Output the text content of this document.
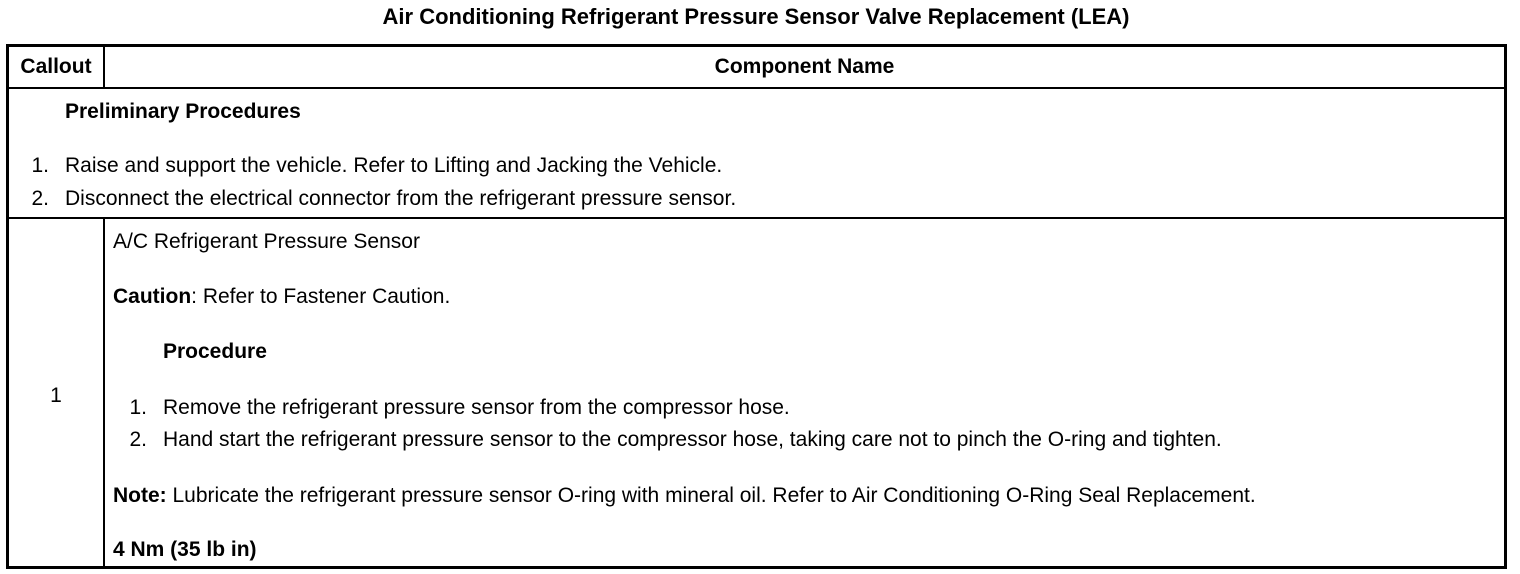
Air Conditioning Refrigerant Pressure Sensor Valve Replacement (LEA)
Callout	Component Name
Preliminary Procedures
1. Raise and support the vehicle. Refer to Lifting and Jacking the Vehicle.
2. Disconnect the electrical connector from the refrigerant pressure sensor.
1
A/C Refrigerant Pressure Sensor
Caution: Refer to Fastener Caution.
Procedure
1. Remove the refrigerant pressure sensor from the compressor hose.
2. Hand start the refrigerant pressure sensor to the compressor hose, taking care not to pinch the O-ring and tighten.
Note: Lubricate the refrigerant pressure sensor O-ring with mineral oil. Refer to Air Conditioning O-Ring Seal Replacement.
4 Nm (35 lb in)
